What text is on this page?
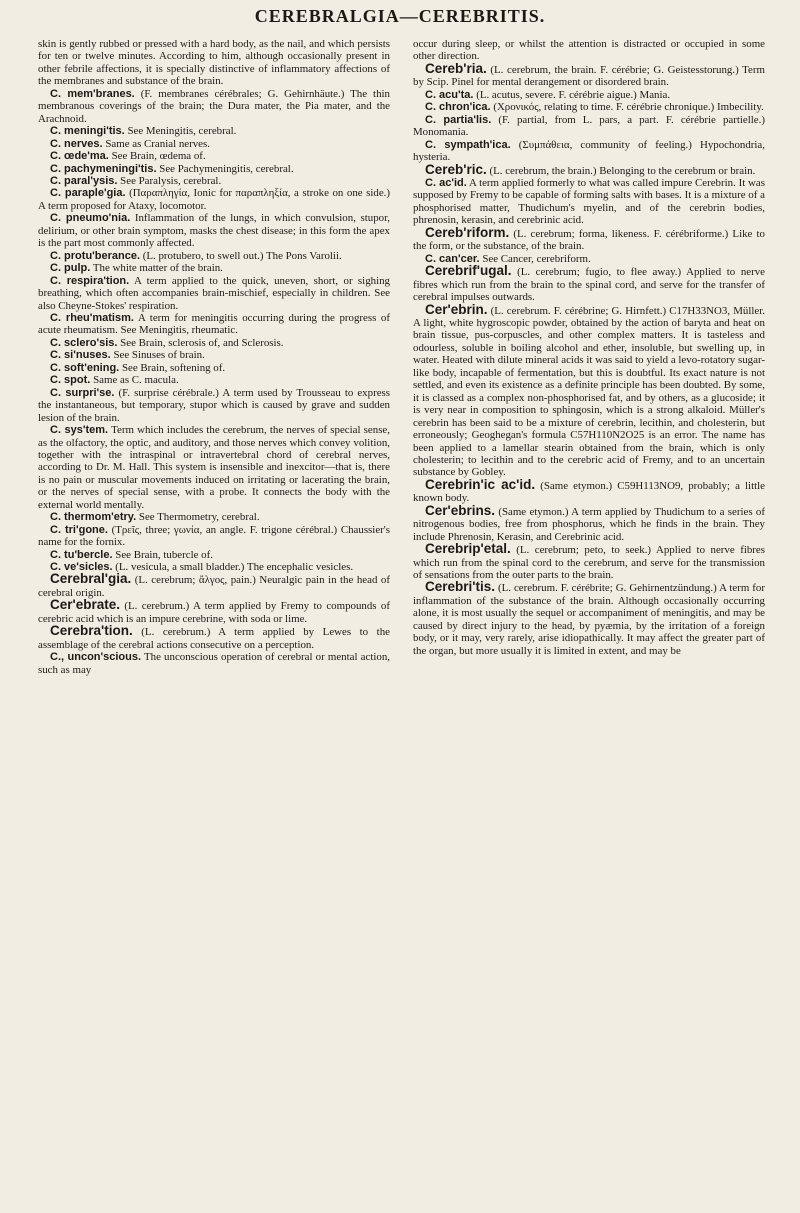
CEREBRALGIA—CEREBRITIS.

skin is gently rubbed or pressed with a hard body, as the nail, and which persists for ten or twelve minutes. According to him, although occasionally present in other febrile affections, it is specially distinctive of inflammatory affections of the membranes and substance of the brain.

C. mem'branes. (F. membranes cérébrales; G. Gehirnhäute.) The thin membranous coverings of the brain; the Dura mater, the Pia mater, and the Arachnoid.

C. meningi'tis. See Meningitis, cerebral.

C. nerves. Same as Cranial nerves.

C. œde'ma. See Brain, œdema of.

C. pachymeningi'tis. See Pachymeningitis, cerebral.

C. paral'ysis. See Paralysis, cerebral.

C. paraple'gia. (Παραπληγία, Ionic for παραπληξία, a stroke on one side.) A term proposed for Ataxy, locomotor.

C. pneumo'nia. Inflammation of the lungs, in which convulsion, stupor, delirium, or other brain symptom, masks the chest disease; in this form the apex is the part most commonly affected.

C. protu'berance. (L. protubero, to swell out.) The Pons Varolii.

C. pulp. The white matter of the brain.

C. respira'tion. A term applied to the quick, uneven, short, or sighing breathing, which often accompanies brain-mischief, especially in children. See also Cheyne-Stokes' respiration.

C. rheu'matism. A term for meningitis occurring during the progress of acute rheumatism. See Meningitis, rheumatic.

C. sclero'sis. See Brain, sclerosis of, and Sclerosis.

C. si'nuses. See Sinuses of brain.

C. soft'ening. See Brain, softening of.

C. spot. Same as C. macula.

C. surpri'se. (F. surprise cérébrale.) A term used by Trousseau to express the instantaneous, but temporary, stupor which is caused by grave and sudden lesion of the brain.

C. sys'tem. Term which includes the cerebrum, the nerves of special sense, as the olfactory, the optic, and auditory, and those nerves which convey volition, together with the intraspinal or intravertebral chord of cerebral nerves, according to Dr. M. Hall. This system is insensible and inexcitor—that is, there is no pain or muscular movements induced on irritating or lacerating the brain, or the nerves of special sense, with a probe. It connects the body with the external world mentally.

C. thermom'etry. See Thermometry, cerebral.

C. tri'gone. (Τρεῖς, three; γωνία, an angle. F. trigone cérébral.) Chaussier's name for the fornix.

C. tu'bercle. See Brain, tubercle of.

C. ve'sicles. (L. vesicula, a small bladder.) The encephalic vesicles.

Cerebral'gia. (L. cerebrum; ἄλγος, pain.) Neuralgic pain in the head of cerebral origin.

Cer'ebrate. (L. cerebrum.) A term applied by Fremy to compounds of cerebric acid which is an impure cerebrine, with soda or lime.

Cerebra'tion. (L. cerebrum.) A term applied by Lewes to the assemblage of the cerebral actions consecutive on a perception.

C., uncon'scious. The unconscious operation of cerebral or mental action, such as may

occur during sleep, or whilst the attention is distracted or occupied in some other direction.

Cereb'ria. (L. cerebrum, the brain. F. cérébrie; G. Geistesstorung.) Term by Scip. Pinel for mental derangement or disordered brain.

C. acu'ta. (L. acutus, severe. F. cérébrie aigue.) Mania.

C. chron'ica. (Χρονικός, relating to time. F. cérébrie chronique.) Imbecility.

C. partia'lis. (F. partial, from L. pars, a part. F. cérébrie partielle.) Monomania.

C. sympath'ica. (Συμπάθεια, community of feeling.) Hypochondria, hysteria.

Cereb'ric. (L. cerebrum, the brain.) Belonging to the cerebrum or brain.

C. ac'id. A term applied formerly to what was called impure Cerebrin. It was supposed by Fremy to be capable of forming salts with bases. It is a mixture of a phosphorised matter, Thudichum's myelin, and of the cerebrin bodies, phrenosin, kerasin, and cerebrinic acid.

Cereb'riform. (L. cerebrum; forma, likeness. F. cérébriforme.) Like to the form, or the substance, of the brain.

C. can'cer. See Cancer, cerebriform.

Cerebrif'ugal. (L. cerebrum; fugio, to flee away.) Applied to nerve fibres which run from the brain to the spinal cord, and serve for the transfer of cerebral impulses outwards.

Cer'ebrin. (L. cerebrum. F. cérébrine; G. Hirnfett.) C17H33NO3, Müller. A light, white hygroscopic powder, obtained by the action of baryta and heat on brain tissue, pus-corpuscles, and other complex matters. It is tasteless and odourless, soluble in boiling alcohol and ether, insoluble, but swelling up, in water. Heated with dilute mineral acids it was said to yield a levo-rotatory sugar-like body, incapable of fermentation, but this is doubtful. Its exact nature is not settled, and even its existence as a definite principle has been doubted. By some, it is classed as a complex non-phosphorised fat, and by others, as a glucoside; it is very near in composition to sphingosin, which is a strong alkaloid. Müller's cerebrin has been said to be a mixture of cerebrin, lecithin, and cholesterin, but erroneously; Geoghegan's formula C57H110N2O25 is an error. The name has been applied to a lamellar stearin obtained from the brain, which is only cholesterin; to lecithin and to the cerebric acid of Fremy, and to an uncertain substance by Gobley.

Cerebrin'ic ac'id. (Same etymon.) C59H113NO9, probably; a little known body.

Cer'ebrins. (Same etymon.) A term applied by Thudichum to a series of nitrogenous bodies, free from phosphorus, which he finds in the brain. They include Phrenosin, Kerasin, and Cerebrinic acid.

Cerebrip'etal. (L. cerebrum; peto, to seek.) Applied to nerve fibres which run from the spinal cord to the cerebrum, and serve for the transmission of sensations from the outer parts to the brain.

Cerebri'tis. (L. cerebrum. F. cérébrite; G. Gehirnentzündung.) A term for inflammation of the substance of the brain. Although occasionally occurring alone, it is most usually the sequel or accompaniment of meningitis, and may be caused by direct injury to the head, by pyæmia, by the irritation of a foreign body, or it may, very rarely, arise idiopathically. It may affect the greater part of the organ, but more usually it is limited in extent, and may be
